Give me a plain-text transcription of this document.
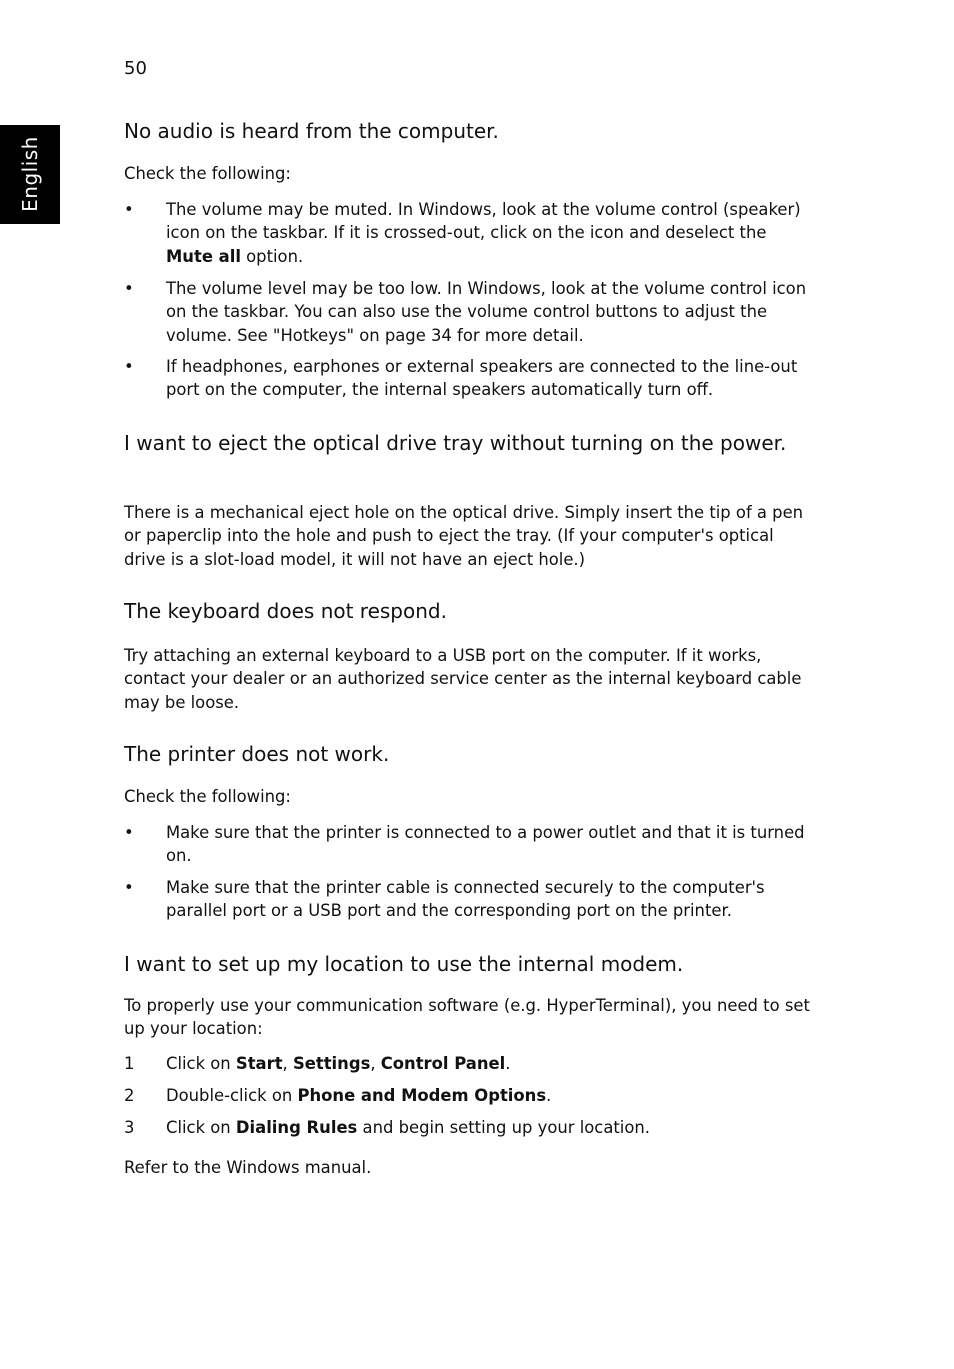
50
English
No audio is heard from the computer.

Check the following:

•	The volume may be muted. In Windows, look at the volume control (speaker) icon on the taskbar. If it is crossed-out, click on the icon and deselect the Mute all option.
•	The volume level may be too low. In Windows, look at the volume control icon on the taskbar. You can also use the volume control buttons to adjust the volume. See "Hotkeys" on page 34 for more detail.
•	If headphones, earphones or external speakers are connected to the line-out port on the computer, the internal speakers automatically turn off.
I want to eject the optical drive tray without turning on the power.

There is a mechanical eject hole on the optical drive. Simply insert the tip of a pen or paperclip into the hole and push to eject the tray. (If your computer's optical drive is a slot-load model, it will not have an eject hole.)

The keyboard does not respond.

Try attaching an external keyboard to a USB port on the computer. If it works, contact your dealer or an authorized service center as the internal keyboard cable may be loose.

The printer does not work.

Check the following:

•	Make sure that the printer is connected to a power outlet and that it is turned on.
•	Make sure that the printer cable is connected securely to the computer's parallel port or a USB port and the corresponding port on the printer.
I want to set up my location to use the internal modem.

To properly use your communication software (e.g. HyperTerminal), you need to set up your location:

1	Click on Start, Settings, Control Panel.
2	Double-click on Phone and Modem Options.
3	Click on Dialing Rules and begin setting up your location.

Refer to the Windows manual.
